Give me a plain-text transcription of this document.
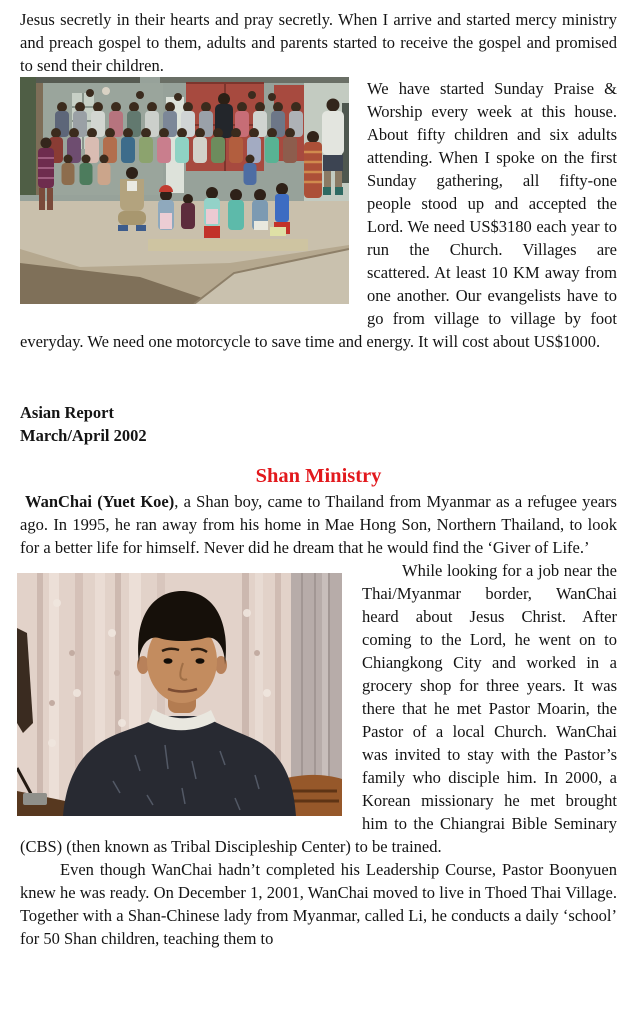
Jesus secretly in their hearts and pray secretly. When I arrive and started mercy ministry and preach gospel to them, adults and parents started to receive the gospel and promised to send their children.

We have started Sunday Praise & Worship every week at this house. About fifty children and six adults attending. When I spoke on the first Sunday gathering, all fifty-one people stood up and accepted the Lord. We need US$3180 each year to run the Church. Villages are scattered. At least 10 KM away from one another. Our evangelists have to go from village to village by foot everyday. We need one motorcycle to save time and energy. It will cost about US$1000.

Asian Report
March/April 2002
Shan Ministry

WanChai (Yuet Koe), a Shan boy, came to Thailand from Myanmar as a refugee years ago. In 1995, he ran away from his home in Mae Hong Son, Northern Thailand, to look for a better life for himself. Never did he dream that
he would find the ‘Giver of Life.’

While looking for a job near the Thai/Myanmar border, WanChai heard about Jesus Christ. After coming to the Lord, he went on to Chiangkong City and worked in a grocery shop for three years. It was there that he met Pastor Moarin, the Pastor of a local Church. WanChai was invited to stay with the Pastor’s family who disciple him. In 2000, a Korean missionary he met brought him to the Chiangrai Bible Seminary (CBS) (then known as Tribal Discipleship Center) to be trained.

Even though WanChai hadn’t completed his Leadership Course, Pastor Boonyuen knew he was ready. On December 1, 2001, WanChai moved to live in Thoed Thai Village. Together with a Shan-Chinese lady from Myanmar, called Li, he conducts a daily ‘school’ for 50 Shan children, teaching them to
